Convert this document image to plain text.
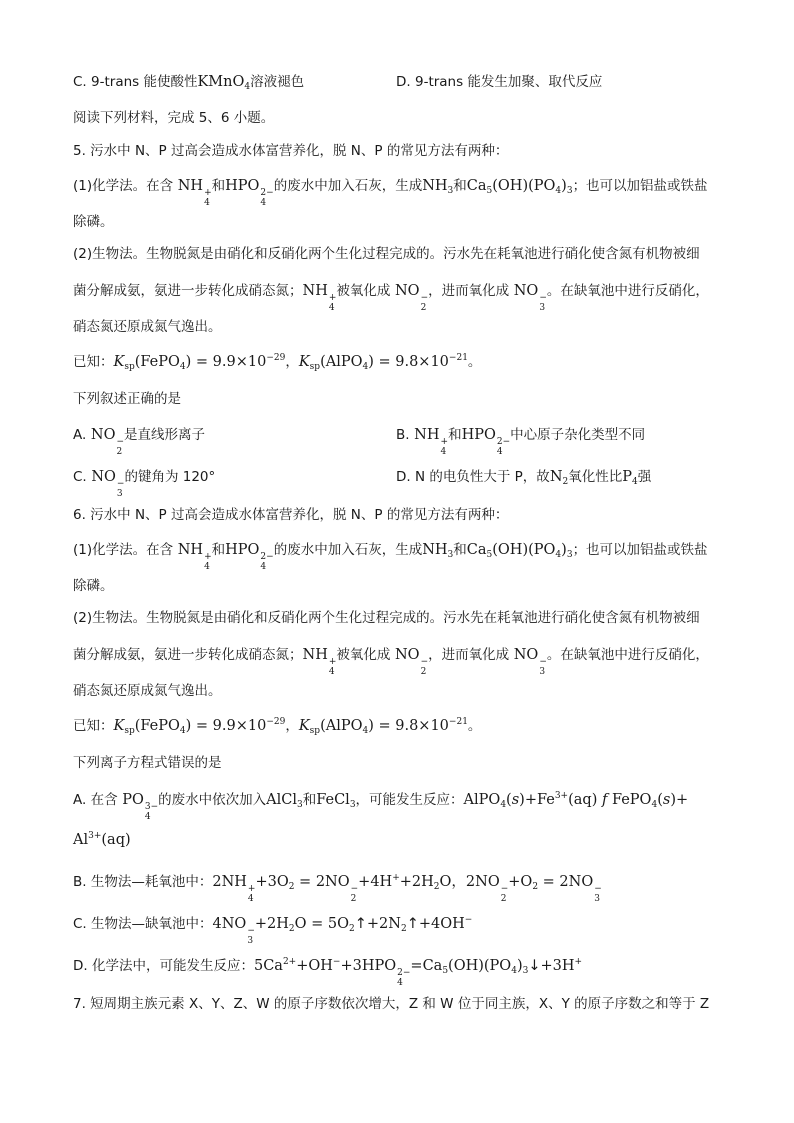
C. 9-trans 能使酸性KMnO$_4$溶液褪色	D. 9-trans 能发生加聚、取代反应
阅读下列材料，完成 5、6 小题。
5. 污水中 N、P 过高会造成水体富营养化，脱 N、P 的常见方法有两种：
(1)化学法。在含 NH +
4
和HPO 2−
4
的废水中加入石灰，生成$NH_3$和$Ca_5(OH)(PO_4)_3$；也可以加铝盐或铁盐
除磷。
(2)生物法。生物脱氮是由硝化和反硝化两个生化过程完成的。污水先在耗氧池进行硝化使含氮有机物被细
菌分解成氨，氨进一步转化成硝态氮；NH +
4
被氧化成 NO −
2
，进而氧化成 NO −
3
。在缺氧池中进行反硝化，
硝态氮还原成氮气逸出。
已知：$K_{sp}(FePO_4) = 9.9\times 10^{-29}$，$K_{sp}(AlPO_4) = 9.8\times 10^{-21}$。
下列叙述正确的是
A. NO −
2
是直线形离子	B. NH +
4
和HPO 2−
4
中心原子杂化类型不同
C. NO −
3
的键角为 120°	D. N 的电负性大于 P，故$N_2$氧化性比$P_4$强
6. 污水中 N、P 过高会造成水体富营养化，脱 N、P 的常见方法有两种：
(1)化学法。在含 NH +
4
和HPO 2−
4
的废水中加入石灰，生成$NH_3$和$Ca_5(OH)(PO_4)_3$；也可以加铝盐或铁盐
除磷。
(2)生物法。生物脱氮是由硝化和反硝化两个生化过程完成的。污水先在耗氧池进行硝化使含氮有机物被细
菌分解成氨，氨进一步转化成硝态氮；NH +
4
被氧化成 NO −
2
，进而氧化成 NO −
3
。在缺氧池中进行反硝化，
硝态氮还原成氮气逸出。
已知：$K_{sp}(FePO_4) = 9.9\times 10^{-29}$，$K_{sp}(AlPO_4) = 9.8\times 10^{-21}$。
下列离子方程式错误的是
A. 在含 PO 3−
4
的废水中依次加入AlCl$_3$和FeCl$_3$，可能发生反应：$AlPO_4(s)+Fe^{3+}(aq)$ f FePO$_4$(s)+
$Al^{3+}(aq)$
B. 生物法—耗氧池中：2NH +
4
$+3O_2 = 2NO$ −
2
$+4H^++2H_2O$，2NO −
2
$+O_2 = 2NO$ −
3
C. 生物法—缺氧池中：4NO −
3
$+2H_2O$ = $5O_2↑+2N_2↑+4OH^-$
D. 化学法中，可能发生反应：$5Ca^{2+}+OH^-+3HPO$ 2−
4
$=Ca_5(OH)(PO_4)_3↓+3H^+$
7. 短周期主族元素 X、Y、Z、W 的原子序数依次增大，Z 和 W 位于同主族，X、Y 的原子序数之和等于 Z
